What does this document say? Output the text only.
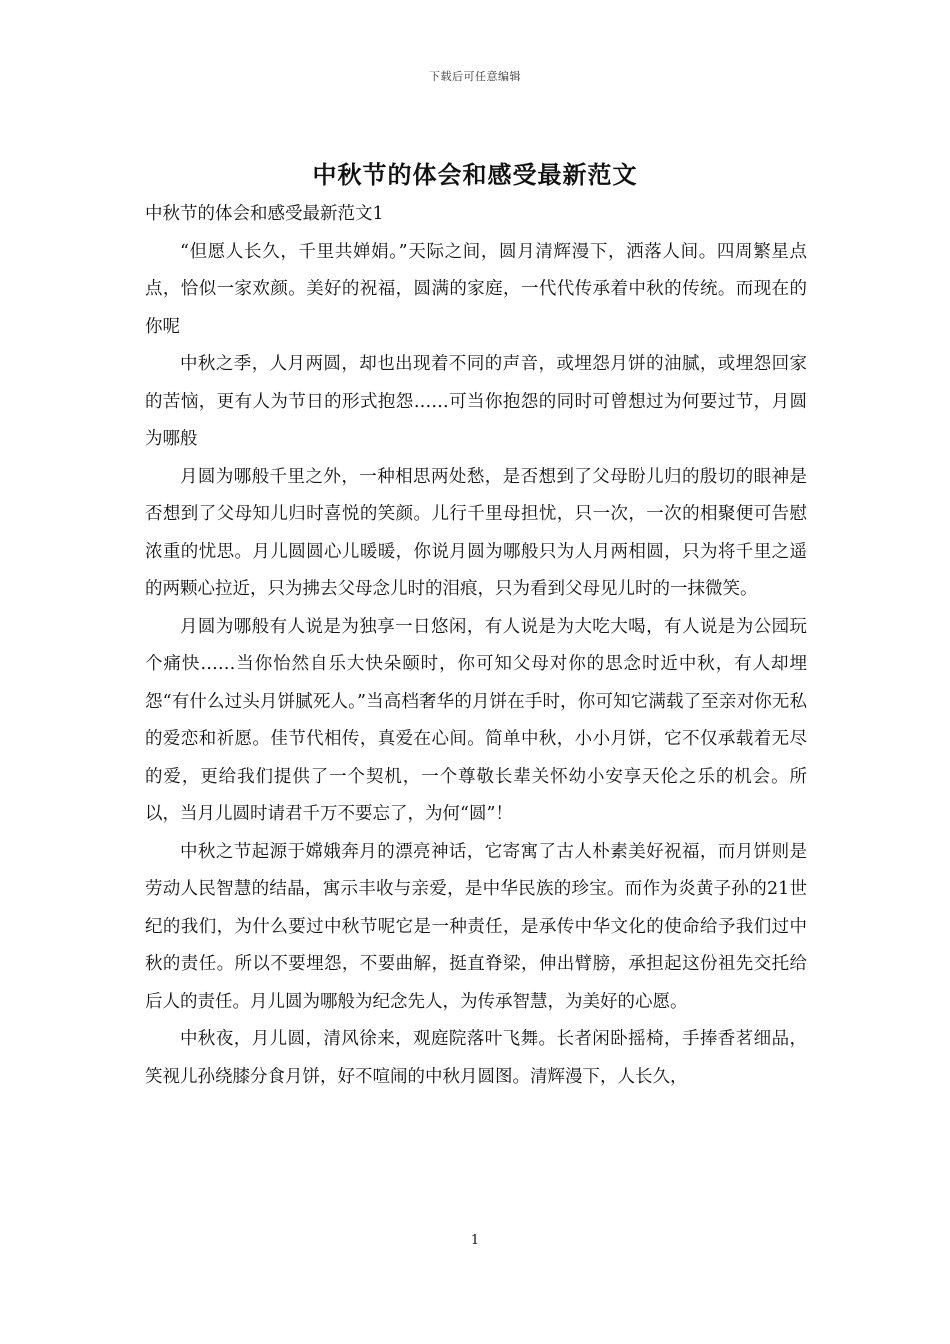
下载后可任意编辑
中秋节的体会和感受最新范文

中秋节的体会和感受最新范文1

“但愿人长久，千里共婵娟。”天际之间，圆月清辉漫下，洒落人间。四周繁星点点，恰似一家欢颜。美好的祝福，圆满的家庭，一代代传承着中秋的传统。而现在的你呢

中秋之季，人月两圆，却也出现着不同的声音，或埋怨月饼的油腻，或埋怨回家的苦恼，更有人为节日的形式抱怨……可当你抱怨的同时可曾想过为何要过节，月圆为哪般

月圆为哪般千里之外，一种相思两处愁，是否想到了父母盼儿归的殷切的眼神是否想到了父母知儿归时喜悦的笑颜。儿行千里母担忧，只一次，一次的相聚便可告慰浓重的忧思。月儿圆圆心儿暖暖，你说月圆为哪般只为人月两相圆，只为将千里之遥的两颗心拉近，只为拂去父母念儿时的泪痕，只为看到父母见儿时的一抹微笑。

月圆为哪般有人说是为独享一日悠闲，有人说是为大吃大喝，有人说是为公园玩个痛快……当你怡然自乐大快朵颐时，你可知父母对你的思念时近中秋，有人却埋怨“有什么过头月饼腻死人。”当高档奢华的月饼在手时，你可知它满载了至亲对你无私的爱恋和祈愿。佳节代相传，真爱在心间。简单中秋，小小月饼，它不仅承载着无尽的爱，更给我们提供了一个契机，一个尊敬长辈关怀幼小安享天伦之乐的机会。所以，当月儿圆时请君千万不要忘了，为何“圆”！

中秋之节起源于嫦娥奔月的漂亮神话，它寄寓了古人朴素美好祝福，而月饼则是劳动人民智慧的结晶，寓示丰收与亲爱，是中华民族的珍宝。而作为炎黄子孙的21世纪的我们，为什么要过中秋节呢它是一种责任，是承传中华文化的使命给予我们过中秋的责任。所以不要埋怨，不要曲解，挺直脊梁，伸出臂膀，承担起这份祖先交托给后人的责任。月儿圆为哪般为纪念先人，为传承智慧，为美好的心愿。

中秋夜，月儿圆，清风徐来，观庭院落叶飞舞。长者闲卧摇椅，手捧香茗细品，笑视儿孙绕膝分食月饼，好不喧闹的中秋月圆图。清辉漫下，人长久，

1
